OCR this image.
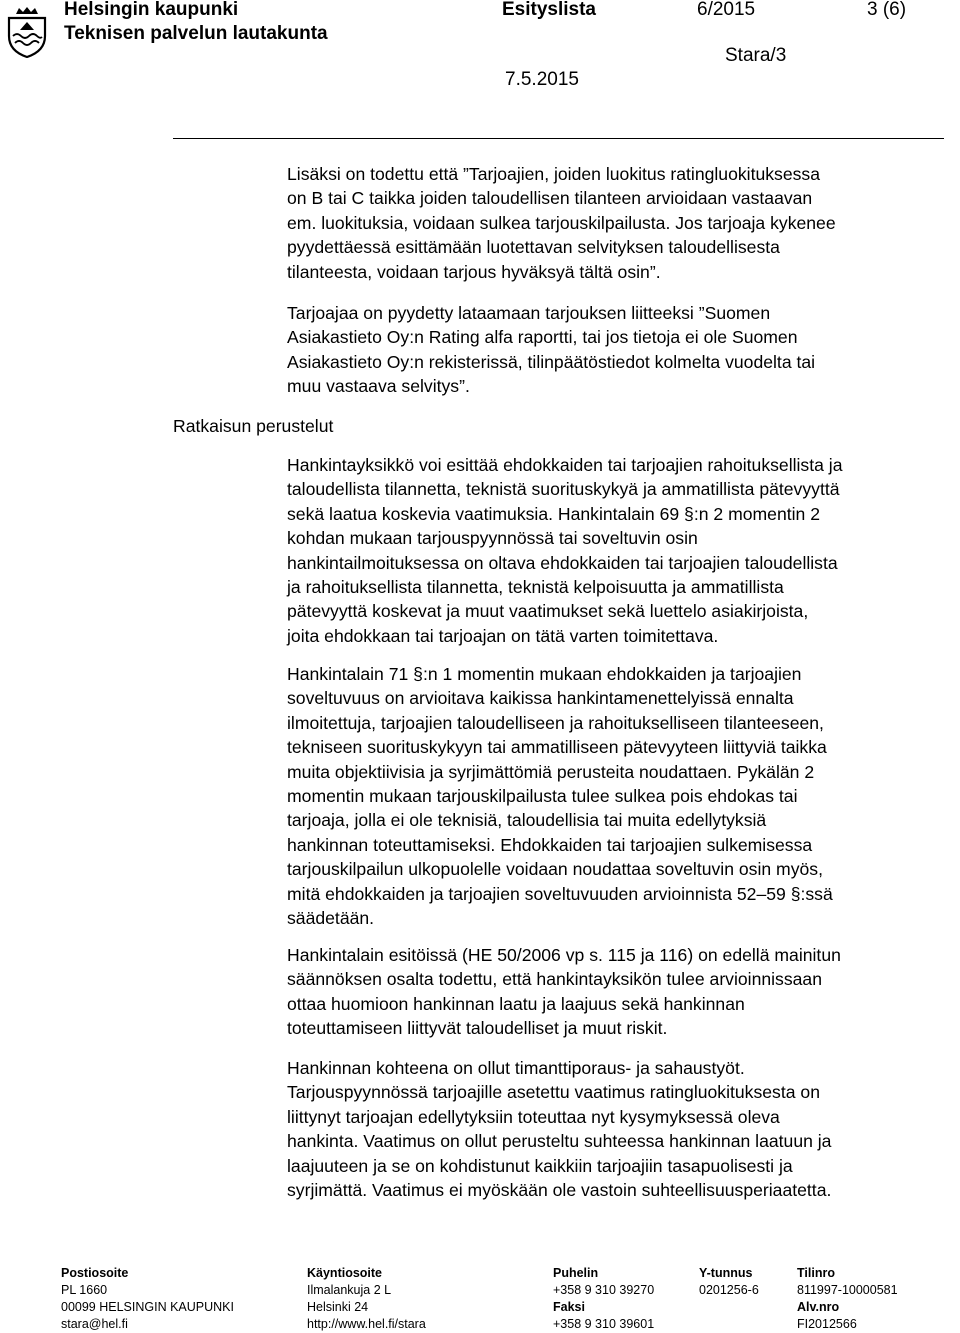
Helsingin kaupunki
Teknisen palvelun lautakunta
Esityslista	6/2015	3 (6)
Stara/3
7.5.2015
Ratkaisun perustelut

Lisäksi on todettu että ”Tarjoajien, joiden luokitus ratingluokituksessa
on B tai C taikka joiden taloudellisen tilanteen arvioidaan vastaavan
em. luokituksia, voidaan sulkea tarjouskilpailusta. Jos tarjoaja kykenee
pyydettäessä esittämään luotettavan selvityksen taloudellisesta
tilanteesta, voidaan tarjous hyväksyä tältä osin”.

Tarjoajaa on pyydetty lataamaan tarjouksen liitteeksi ”Suomen
Asiakastieto Oy:n Rating alfa raportti, tai jos tietoja ei ole Suomen
Asiakastieto Oy:n rekisterissä, tilinpäätöstiedot kolmelta vuodelta tai
muu vastaava selvitys”.

Hankintayksikkö voi esittää ehdokkaiden tai tarjoajien rahoituksellista ja
taloudellista tilannetta, teknistä suorituskykyä ja ammatillista pätevyyttä
sekä laatua koskevia vaatimuksia. Hankintalain 69 §:n 2 momentin 2
kohdan mukaan tarjouspyynnössä tai soveltuvin osin
hankintailmoituksessa on oltava ehdokkaiden tai tarjoajien taloudellista
ja rahoituksellista tilannetta, teknistä kelpoisuutta ja ammatillista
pätevyyttä koskevat ja muut vaatimukset sekä luettelo asiakirjoista,
joita ehdokkaan tai tarjoajan on tätä varten toimitettava.

Hankintalain 71 §:n 1 momentin mukaan ehdokkaiden ja tarjoajien
soveltuvuus on arvioitava kaikissa hankintamenettelyissä ennalta
ilmoitettuja, tarjoajien taloudelliseen ja rahoitukselliseen tilanteeseen,
tekniseen suorituskykyyn tai ammatilliseen pätevyyteen liittyviä taikka
muita objektiivisia ja syrjimättömiä perusteita noudattaen. Pykälän 2
momentin mukaan tarjouskilpailusta tulee sulkea pois ehdokas tai
tarjoaja, jolla ei ole teknisiä, taloudellisia tai muita edellytyksiä
hankinnan toteuttamiseksi. Ehdokkaiden tai tarjoajien sulkemisessa
tarjouskilpailun ulkopuolelle voidaan noudattaa soveltuvin osin myös,
mitä ehdokkaiden ja tarjoajien soveltuvuuden arvioinnista 52–59 §:ssä
säädetään.

Hankintalain esitöissä (HE 50/2006 vp s. 115 ja 116) on edellä mainitun
säännöksen osalta todettu, että hankintayksikön tulee arvioinnissaan
ottaa huomioon hankinnan laatu ja laajuus sekä hankinnan
toteuttamiseen liittyvät taloudelliset ja muut riskit.

Hankinnan kohteena on ollut timanttiporaus- ja sahaustyöt.
Tarjouspyynnössä tarjoajille asetettu vaatimus ratingluokituksesta on
liittynyt tarjoajan edellytyksiin toteuttaa nyt kysymyksessä oleva
hankinta. Vaatimus on ollut perusteltu suhteessa hankinnan laatuun ja
laajuuteen ja se on kohdistunut kaikkiin tarjoajiin tasapuolisesti ja
syrjimättä. Vaatimus ei myöskään ole vastoin suhteellisuusperiaatetta.

Postiosoite
PL 1660
00099 HELSINGIN KAUPUNKI
stara@hel.fi
Käyntiosoite
Ilmalankuja 2 L
Helsinki 24
http://www.hel.fi/stara
Puhelin
+358 9 310 39270
Faksi
+358 9 310 39601
Y-tunnus
0201256-6
Tilinro
811997-10000581
Alv.nro
FI2012566
